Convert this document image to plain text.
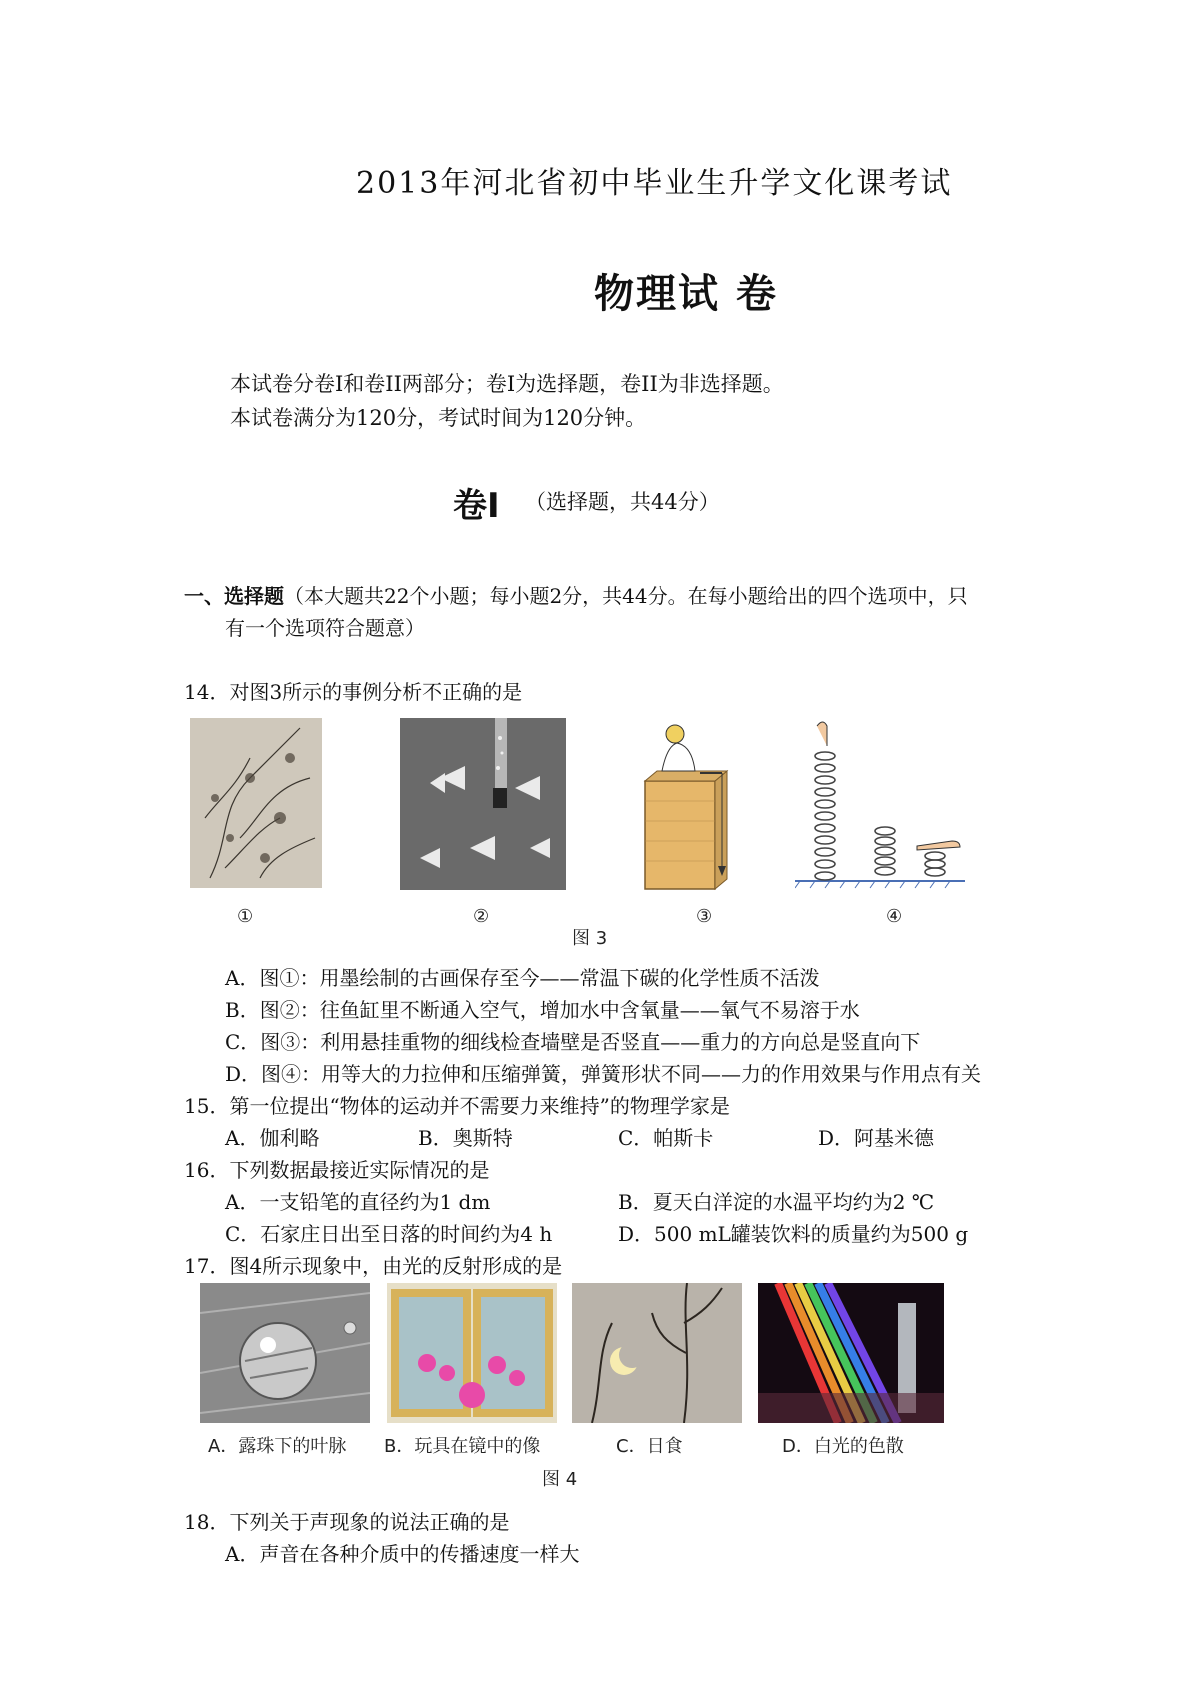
2013年河北省初中毕业生升学文化课考试
物理试 卷
本试卷分卷Ⅰ和卷II两部分；卷Ⅰ为选择题，卷II为非选择题。
本试卷满分为120分，考试时间为120分钟。
卷Ⅰ （选择题，共44分）
一、选择题（本大题共22个小题；每小题2分，共44分。在每小题给出的四个选项中，只
有一个选项符合题意）
14．对图3所示的事例分析不正确的是
①	②	③	④
图 3
A．图①：用墨绘制的古画保存至今——常温下碳的化学性质不活泼
B．图②：往鱼缸里不断通入空气，增加水中含氧量——氧气不易溶于水
C．图③：利用悬挂重物的细线检查墙壁是否竖直——重力的方向总是竖直向下
D．图④：用等大的力拉伸和压缩弹簧，弹簧形状不同——力的作用效果与作用点有关
15．第一位提出“物体的运动并不需要力来维持”的物理学家是
A．伽利略	B．奥斯特	C．帕斯卡	D．阿基米德
16．下列数据最接近实际情况的是
A．一支铅笔的直径约为1 dm	B．夏天白洋淀的水温平均约为2 ℃
C．石家庄日出至日落的时间约为4 h	D．500 mL罐装饮料的质量约为500 g
17．图4所示现象中，由光的反射形成的是
A．露珠下的叶脉 B．玩具在镜中的像	C．日食	D．白光的色散
图 4
18．下列关于声现象的说法正确的是
A．声音在各种介质中的传播速度一样大
